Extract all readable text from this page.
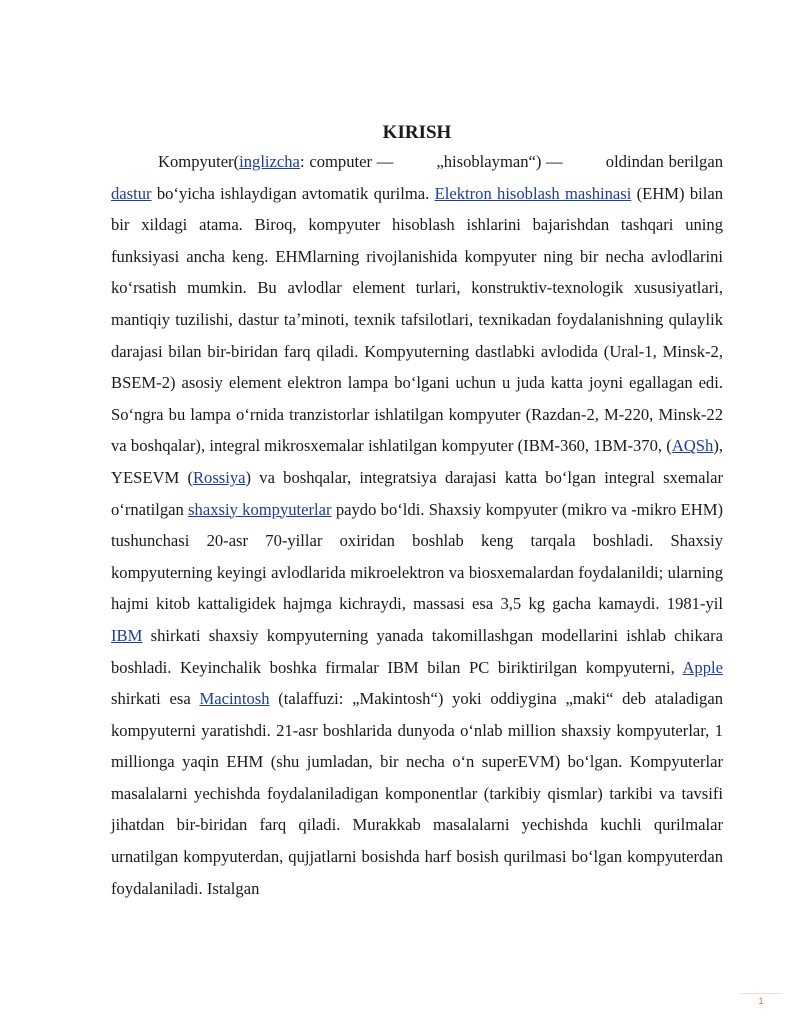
KIRISH

Kompyuter(inglizcha: computer —         „hisoblayman“) —         oldindan berilgan dastur boʻyicha ishlaydigan avtomatik qurilma. Elektron hisoblash mashinasi (EHM) bilan bir xildagi atama. Biroq, kompyuter hisoblash ishlarini bajarishdan tashqari uning funksiyasi ancha keng. EHMlarning rivojlanishida kompyuter ning bir necha avlodlarini koʻrsatish mumkin. Bu avlodlar element turlari, konstruktiv-texnologik xususiyatlari, mantiqiy tuzilishi, dastur taʼminoti, texnik tafsilotlari, texnikadan foydalanishning qulaylik darajasi bilan bir-biridan farq qiladi. Kompyuterning dastlabki avlodida (Ural-1, Minsk-2, BSEM-2) asosiy element elektron lampa boʻlgani uchun u juda katta joyni egallagan edi. Soʻngra bu lampa oʻrnida tranzistorlar ishlatilgan kompyuter (Razdan-2, M-220, Minsk-22 va boshqalar), integral mikrosxemalar ishlatilgan kompyuter (IBM-360, 1BM-370, (AQSh), YESEVM (Rossiya) va boshqalar, integratsiya darajasi katta boʻlgan integral sxemalar oʻrnatilgan shaxsiy kompyuterlar paydo boʻldi. Shaxsiy kompyuter (mikro va -mikro EHM) tushunchasi 20-asr 70-yillar oxiridan boshlab keng tarqala boshladi. Shaxsiy kompyuterning keyingi avlodlarida mikroelektron va biosxemalardan foydalanildi; ularning hajmi kitob kattaligidek hajmga kichraydi, massasi esa 3,5 kg gacha kamaydi. 1981-yil IBM shirkati shaxsiy kompyuterning yanada takomillashgan modellarini ishlab chikara boshladi. Keyinchalik boshka firmalar IBM bilan PC biriktirilgan kompyuterni, Apple shirkati esa Macintosh (talaffuzi: „Makintosh“) yoki oddiygina „maki“ deb ataladigan kompyuterni yaratishdi. 21-asr boshlarida dunyoda oʻnlab million shaxsiy kompyuterlar, 1 millionga yaqin EHM (shu jumladan, bir necha oʻn superEVM) boʻlgan. Kompyuterlar masalalarni yechishda foydalaniladigan komponentlar (tarkibiy qismlar) tarkibi va tavsifi jihatdan bir-biridan farq qiladi. Murakkab masalalarni yechishda kuchli qurilmalar urnatilgan kompyuterdan, qujjatlarni bosishda harf bosish qurilmasi boʻlgan kompyuterdan foydalaniladi. Istalgan

1
